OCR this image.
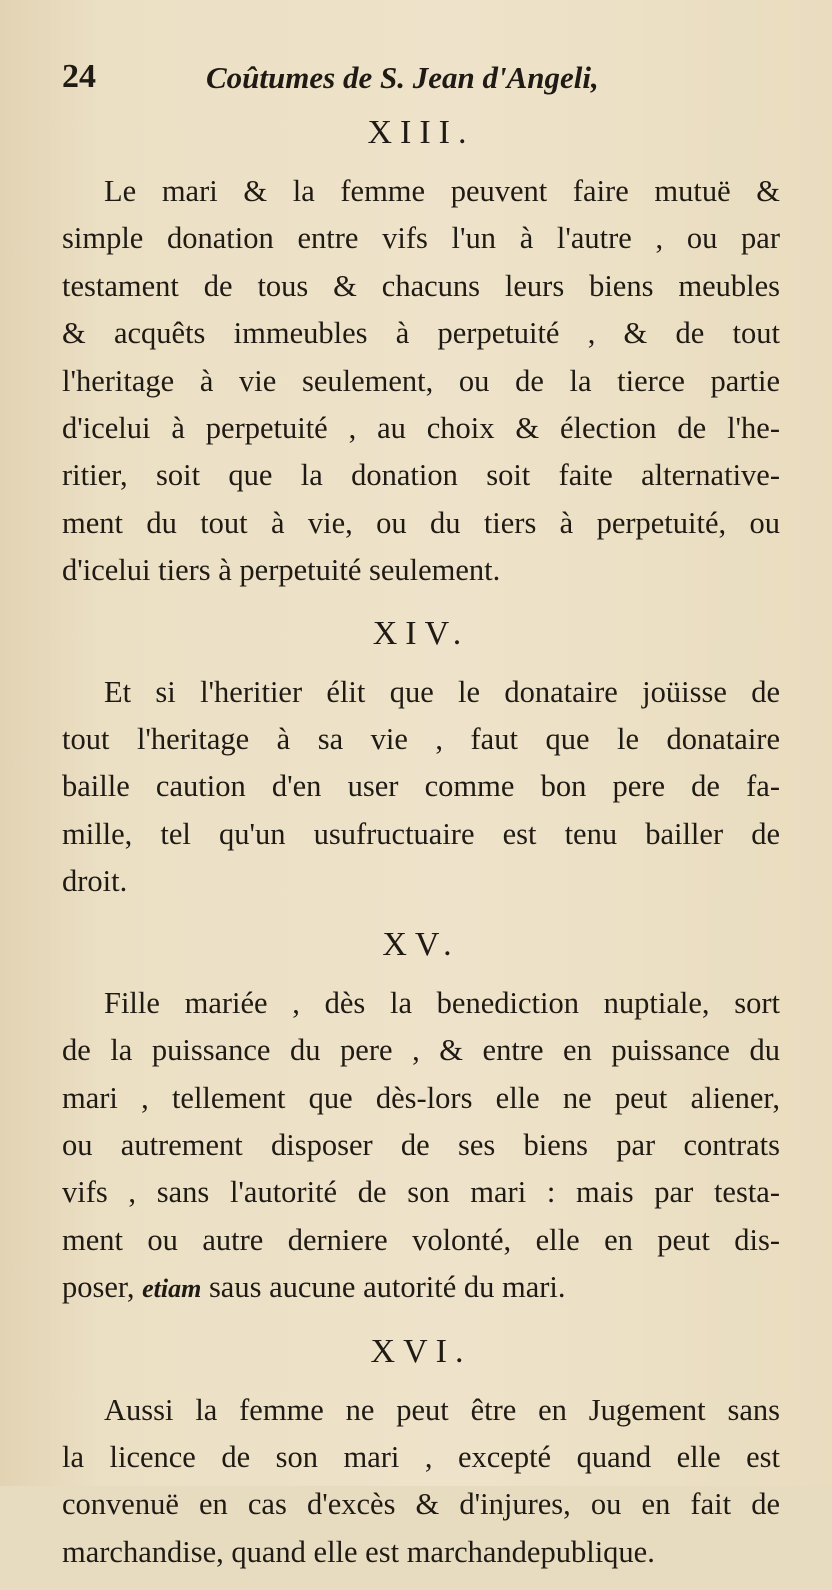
24	Coûtumes de S. Jean d'Angeli,
XIII.
Le mari & la femme peuvent faire mutuë &
simple donation entre vifs l'un à l'autre , ou par
testament de tous & chacuns leurs biens meubles
& acquêts immeubles à perpetuité , & de tout
l'heritage à vie seulement, ou de la tierce partie
d'icelui à perpetuité , au choix & élection de l'he-
ritier, soit que la donation soit faite alternative-
ment du tout à vie, ou du tiers à perpetuité, ou
d'icelui tiers à perpetuité seulement.
XIV.
Et si l'heritier élit que le donataire joüisse de
tout l'heritage à sa vie , faut que le donataire
baille caution d'en user comme bon pere de fa-
mille, tel qu'un usufructuaire est tenu bailler de
droit.
XV.
Fille mariée , dès la benediction nuptiale, sort
de la puissance du pere , & entre en puissance du
mari , tellement que dès-lors elle ne peut aliener,
ou autrement disposer de ses biens par contrats
vifs , sans l'autorité de son mari : mais par testa-
ment ou autre derniere volonté, elle en peut dis-
poser, etiam saus aucune autorité du mari.
XVI.
Aussi la femme ne peut être en Jugement sans
la licence de son mari , excepté quand elle est
convenuë en cas d'excès & d'injures, ou en fait de
marchandise, quand elle est marchandepublique.
